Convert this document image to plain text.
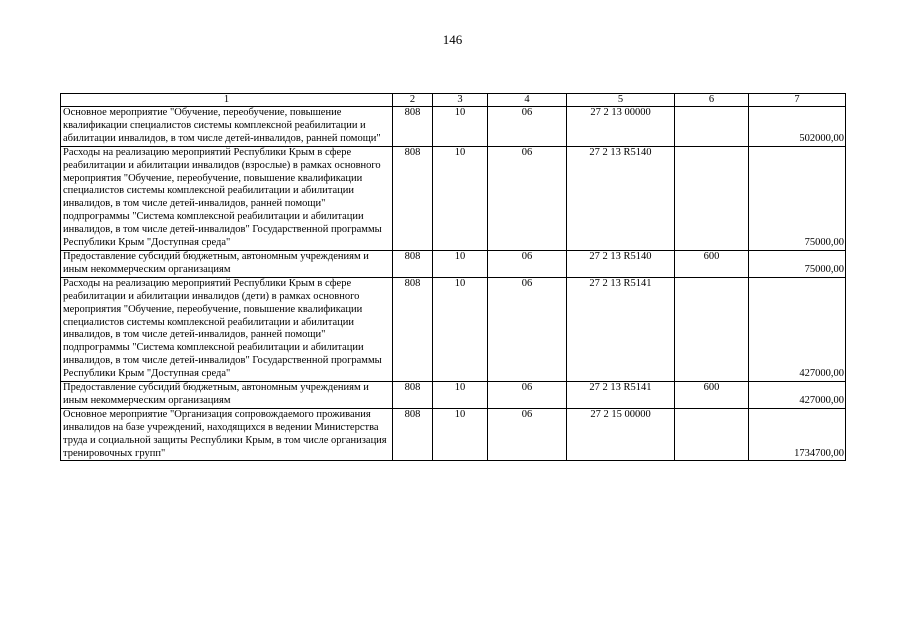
146
1	2	3	4	5	6	7
Основное мероприятие "Обучение, переобучение, повышение квалификации специалистов системы комплексной реабилитации и абилитации инвалидов, в том числе детей-инвалидов, ранней помощи"	808	10	06	27 2 13 00000		502000,00
Расходы на реализацию мероприятий Республики Крым в сфере реабилитации и абилитации инвалидов (взрослые) в рамках основного мероприятия "Обучение, переобучение, повышение квалификации специалистов системы комплексной реабилитации и абилитации инвалидов, в том числе детей-инвалидов, ранней помощи" подпрограммы "Система комплексной реабилитации и абилитации инвалидов, в том числе детей-инвалидов" Государственной программы Республики Крым "Доступная среда"	808	10	06	27 2 13 R5140		75000,00
Предоставление субсидий бюджетным, автономным учреждениям и иным некоммерческим организациям	808	10	06	27 2 13 R5140	600	75000,00
Расходы на реализацию мероприятий Республики Крым в сфере реабилитации и абилитации инвалидов (дети) в рамках основного мероприятия "Обучение, переобучение, повышение квалификации специалистов системы комплексной реабилитации и абилитации инвалидов, в том числе детей-инвалидов, ранней помощи" подпрограммы "Система комплексной реабилитации и абилитации инвалидов, в том числе детей-инвалидов" Государственной программы Республики Крым "Доступная среда"	808	10	06	27 2 13 R5141		427000,00
Предоставление субсидий бюджетным, автономным учреждениям и иным некоммерческим организациям	808	10	06	27 2 13 R5141	600	427000,00
Основное мероприятие "Организация сопровождаемого проживания инвалидов на базе учреждений, находящихся в ведении Министерства труда и социальной защиты Республики Крым, в том числе организация тренировочных групп"	808	10	06	27 2 15 00000		1734700,00
